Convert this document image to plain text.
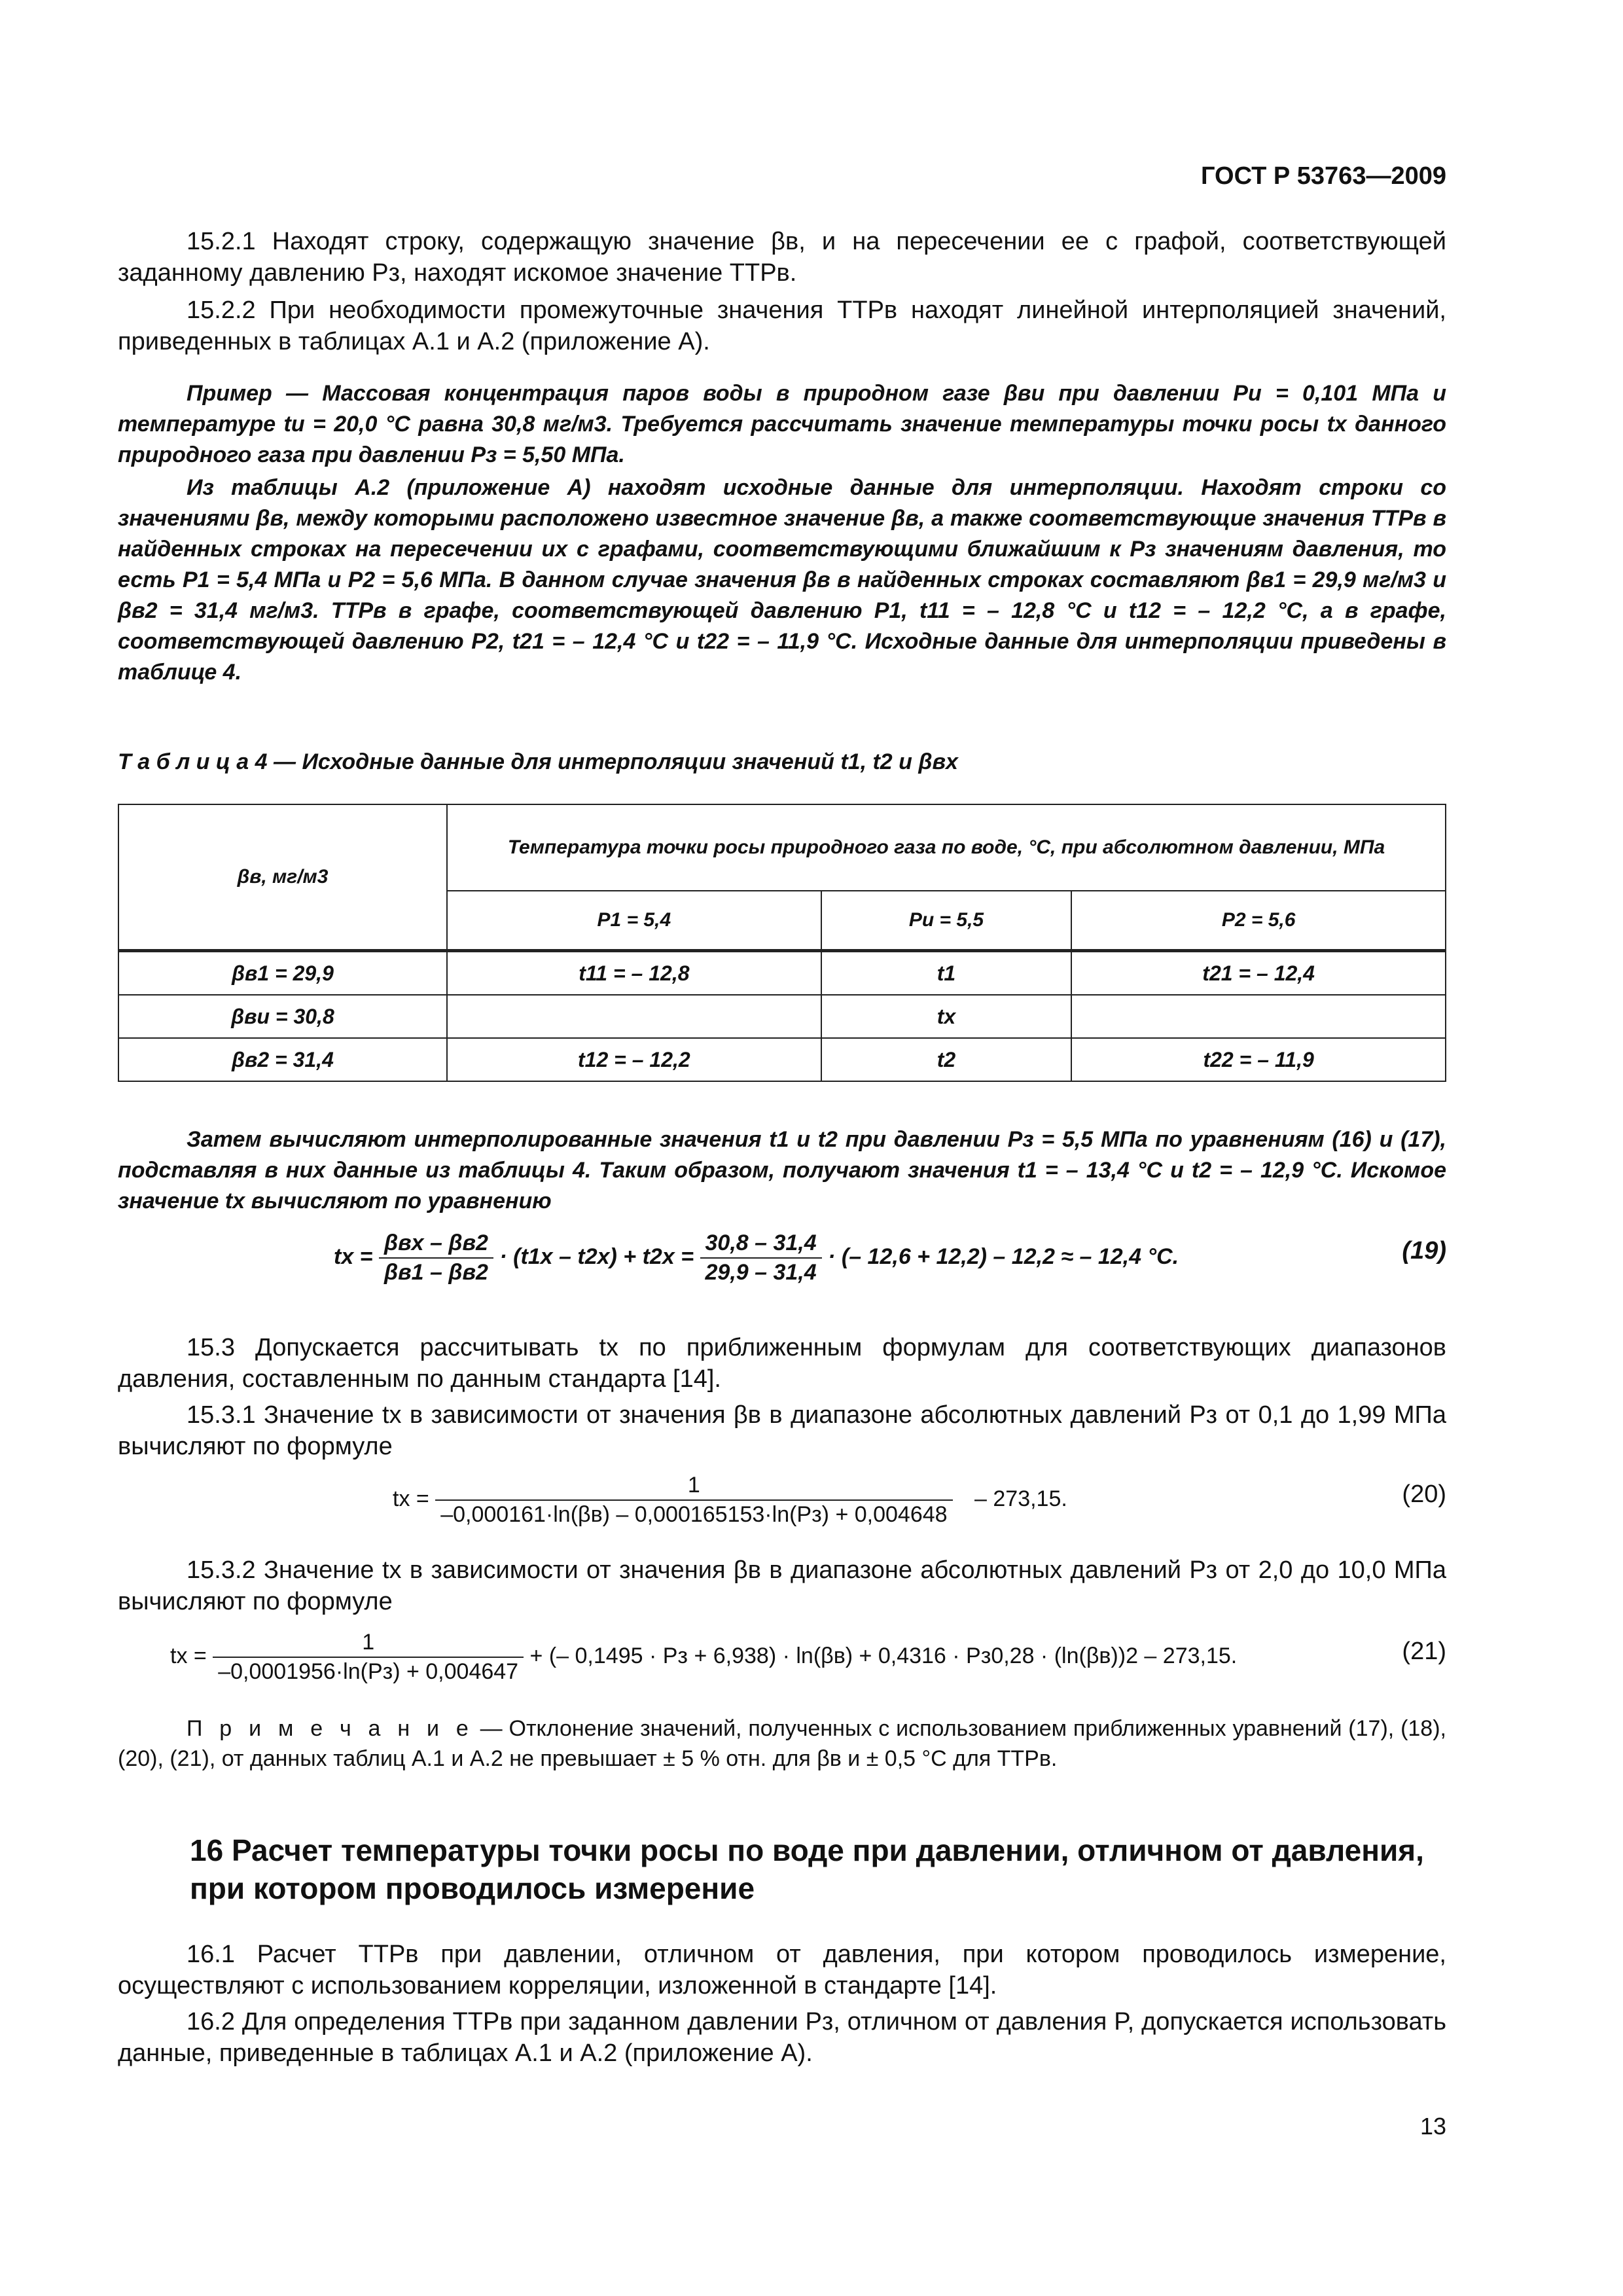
ГОСТ Р 53763—2009

15.2.1 Находят строку, содержащую значение βв, и на пересечении ее с графой, соответствующей заданному давлению Pз, находят искомое значение ТТРв.

15.2.2 При необходимости промежуточные значения ТТРв находят линейной интерполяцией значений, приведенных в таблицах А.1 и А.2 (приложение А).

Пример — Массовая концентрация паров воды в природном газе βвu при давлении Pu = 0,101 МПа и температуре tu = 20,0 °С равна 30,8 мг/м3. Требуется рассчитать значение температуры точки росы tx данного природного газа при давлении Pз = 5,50 МПа.

Из таблицы А.2 (приложение А) находят исходные данные для интерполяции. Находят строки со значениями βв, между которыми расположено известное значение βв, а также соответствующие значения ТТРв в найденных строках на пересечении их с графами, соответствующими ближайшим к Pз значениям давления, то есть P1 = 5,4 МПа и P2 = 5,6 МПа. В данном случае значения βв в найденных строках составляют βв1 = 29,9 мг/м3 и βв2 = 31,4 мг/м3. ТТРв в графе, соответствующей давлению P1, t11 = – 12,8 °С и t12 = – 12,2 °С, а в графе, соответствующей давлению P2, t21 = – 12,4 °С и t22 = – 11,9 °С. Исходные данные для интерполяции приведены в таблице 4.

Т а б л и ц а 4 — Исходные данные для интерполяции значений t1, t2 и βвх
βв, мг/м3	Температура точки росы природного газа по воде, °С, при абсолютном давлении, МПа		
	P1 = 5,4	Pu = 5,5	P2 = 5,6
βв1 = 29,9	t11 = – 12,8	t1	t21 = – 12,4
βвu = 30,8		tx	
βв2 = 31,4	t12 = – 12,2	t2	t22 = – 11,9

Затем вычисляют интерполированные значения t1 и t2 при давлении Pз = 5,5 МПа по уравнениям (16) и (17), подставляя в них данные из таблицы 4. Таким образом, получают значения t1 = – 13,4 °С и t2 = – 12,9 °С. Искомое значение tx вычисляют по уравнению

tx = $\frac{\text{βвх – βв2}}{\beta в1 - \beta в2} \cdot (t1x - t2x) + t2x = \frac{30,8 - 31,4}{29,9 - 31,4}$ · (– 12,6 + 12,2) – 12,2 ≈ – 12,4 °С.	(19)

15.3 Допускается рассчитывать tx по приближенным формулам для соответствующих диапазонов давления, составленным по данным стандарта [14].

15.3.1 Значение tx в зависимости от значения βв в диапазоне абсолютных давлений Pз от 0,1 до 1,99 МПа вычисляют по формуле

tx = $\frac{1}{-0,000161\cdot\ln(\beta в) - 0,000165153\cdot\ln(Pз) + 0,004648} - 273,15$.	(20)

15.3.2 Значение tx в зависимости от значения βв в диапазоне абсолютных давлений Pз от 2,0 до 10,0 МПа вычисляют по формуле

tx = $\frac{1}{-0,0001956\cdot\ln(Pз) + 0,004647}$ + (– 0,1495 · Pз + 6,938) · ln(βв) + 0,4316 · Pз0,28 · (ln(βв))2 – 273,15.	(21)

П р и м е ч а н и е — Отклонение значений, полученных с использованием приближенных уравнений (17), (18), (20), (21), от данных таблиц А.1 и А.2 не превышает ± 5 % отн. для βв и ± 0,5 °С для ТТРв.

16 Расчет температуры точки росы по воде при давлении, отличном от давления, при котором проводилось измерение

16.1 Расчет ТТРв при давлении, отличном от давления, при котором проводилось измерение, осуществляют с использованием корреляции, изложенной в стандарте [14].

16.2 Для определения ТТРв при заданном давлении Pз, отличном от давления P, допускается использовать данные, приведенные в таблицах А.1 и А.2 (приложение А).

13
